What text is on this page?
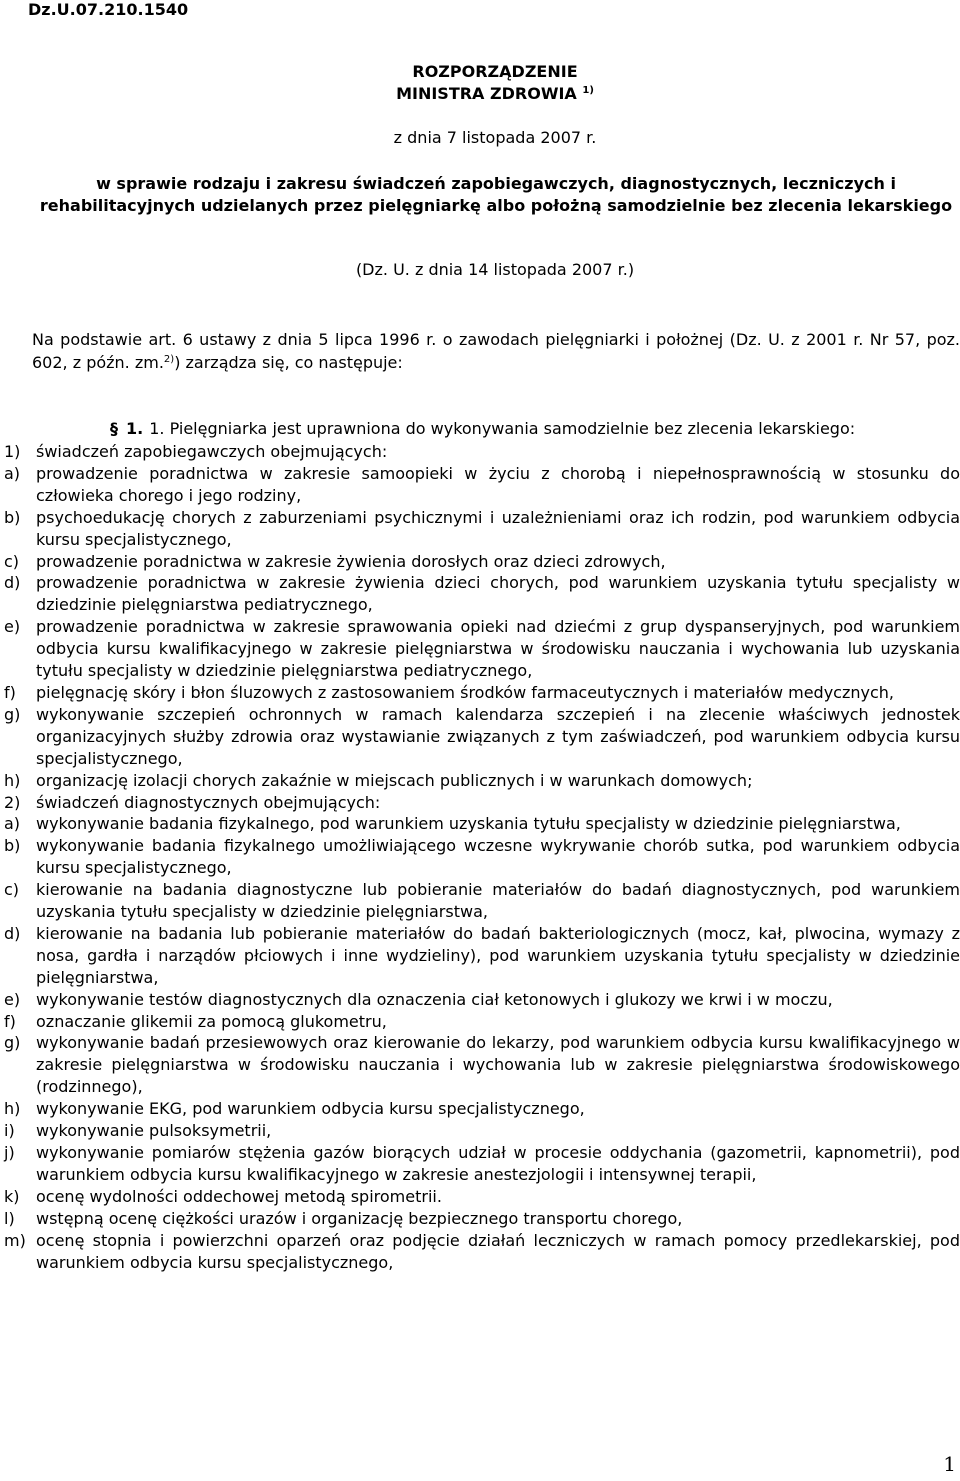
Dz.U.07.210.1540
ROZPORZĄDZENIE
MINISTRA ZDROWIA $^{1)}$
z dnia 7 listopada 2007 r.
w sprawie rodzaju i zakresu świadczeń zapobiegawczych, diagnostycznych, leczniczych i rehabilitacyjnych udzielanych przez pielęgniarkę albo położną samodzielnie bez zlecenia lekarskiego
(Dz. U. z dnia 14 listopada 2007 r.)
Na podstawie art. 6 ustawy z dnia 5 lipca 1996 r. o zawodach pielęgniarki i położnej (Dz. U. z 2001 r. Nr 57, poz. 602, z późn. zm.$^{2)}$) zarządza się, co następuje:
§ 1. 1. Pielęgniarka jest uprawniona do wykonywania samodzielnie bez zlecenia lekarskiego:
1) świadczeń zapobiegawczych obejmujących:
a) prowadzenie poradnictwa w zakresie samoopieki w życiu z chorobą i niepełnosprawnością w stosunku do człowieka chorego i jego rodziny,
b) psychoedukację chorych z zaburzeniami psychicznymi i uzależnieniami oraz ich rodzin, pod warunkiem odbycia kursu specjalistycznego,
c)	prowadzenie poradnictwa w zakresie żywienia dorosłych oraz dzieci zdrowych,
d) prowadzenie poradnictwa w zakresie żywienia dzieci chorych, pod warunkiem uzyskania tytułu specjalisty w dziedzinie pielęgniarstwa pediatrycznego,
e) prowadzenie poradnictwa w zakresie sprawowania opieki nad dziećmi z grup dyspanseryjnych, pod warunkiem odbycia kursu kwalifikacyjnego w zakresie pielęgniarstwa w środowisku nauczania i wychowania lub uzyskania tytułu specjalisty w dziedzinie pielęgniarstwa pediatrycznego,
f)	pielęgnację skóry i błon śluzowych z zastosowaniem środków farmaceutycznych i materiałów medycznych,
g) wykonywanie szczepień ochronnych w ramach kalendarza szczepień i na zlecenie właściwych jednostek organizacyjnych służby zdrowia oraz wystawianie związanych z tym zaświadczeń, pod warunkiem odbycia kursu specjalistycznego,
h) organizację izolacji chorych zakaźnie w miejscach publicznych i w warunkach domowych;
2) świadczeń diagnostycznych obejmujących:
a) wykonywanie badania fizykalnego, pod warunkiem uzyskania tytułu specjalisty w dziedzinie pielęgniarstwa,
b) wykonywanie badania fizykalnego umożliwiającego wczesne wykrywanie chorób sutka, pod warunkiem odbycia kursu specjalistycznego,
c)	kierowanie na badania diagnostyczne lub pobieranie materiałów do badań diagnostycznych, pod warunkiem uzyskania tytułu specjalisty w dziedzinie pielęgniarstwa,
d) kierowanie na badania lub pobieranie materiałów do badań bakteriologicznych (mocz, kał, plwocina, wymazy z nosa, gardła i narządów płciowych i inne wydzieliny), pod warunkiem uzyskania tytułu specjalisty w dziedzinie pielęgniarstwa,
e) wykonywanie testów diagnostycznych dla oznaczenia ciał ketonowych i glukozy we krwi i w moczu,
f)	oznaczanie glikemii za pomocą glukometru,
g) wykonywanie badań przesiewowych oraz kierowanie do lekarzy, pod warunkiem odbycia kursu kwalifikacyjnego w zakresie pielęgniarstwa w środowisku nauczania i wychowania lub w zakresie pielęgniarstwa środowiskowego (rodzinnego),
h) wykonywanie EKG, pod warunkiem odbycia kursu specjalistycznego,
i)	wykonywanie pulsoksymetrii,
j)	wykonywanie pomiarów stężenia gazów biorących udział w procesie oddychania (gazometrii, kapnometrii), pod warunkiem odbycia kursu kwalifikacyjnego w zakresie anestezjologii i intensywnej terapii,
k)	ocenę wydolności oddechowej metodą spirometrii.
l)	wstępną ocenę ciężkości urazów i organizację bezpiecznego transportu chorego,
m) ocenę stopnia i powierzchni oparzeń oraz podjęcie działań leczniczych w ramach pomocy przedlekarskiej, pod warunkiem odbycia kursu specjalistycznego,
1
